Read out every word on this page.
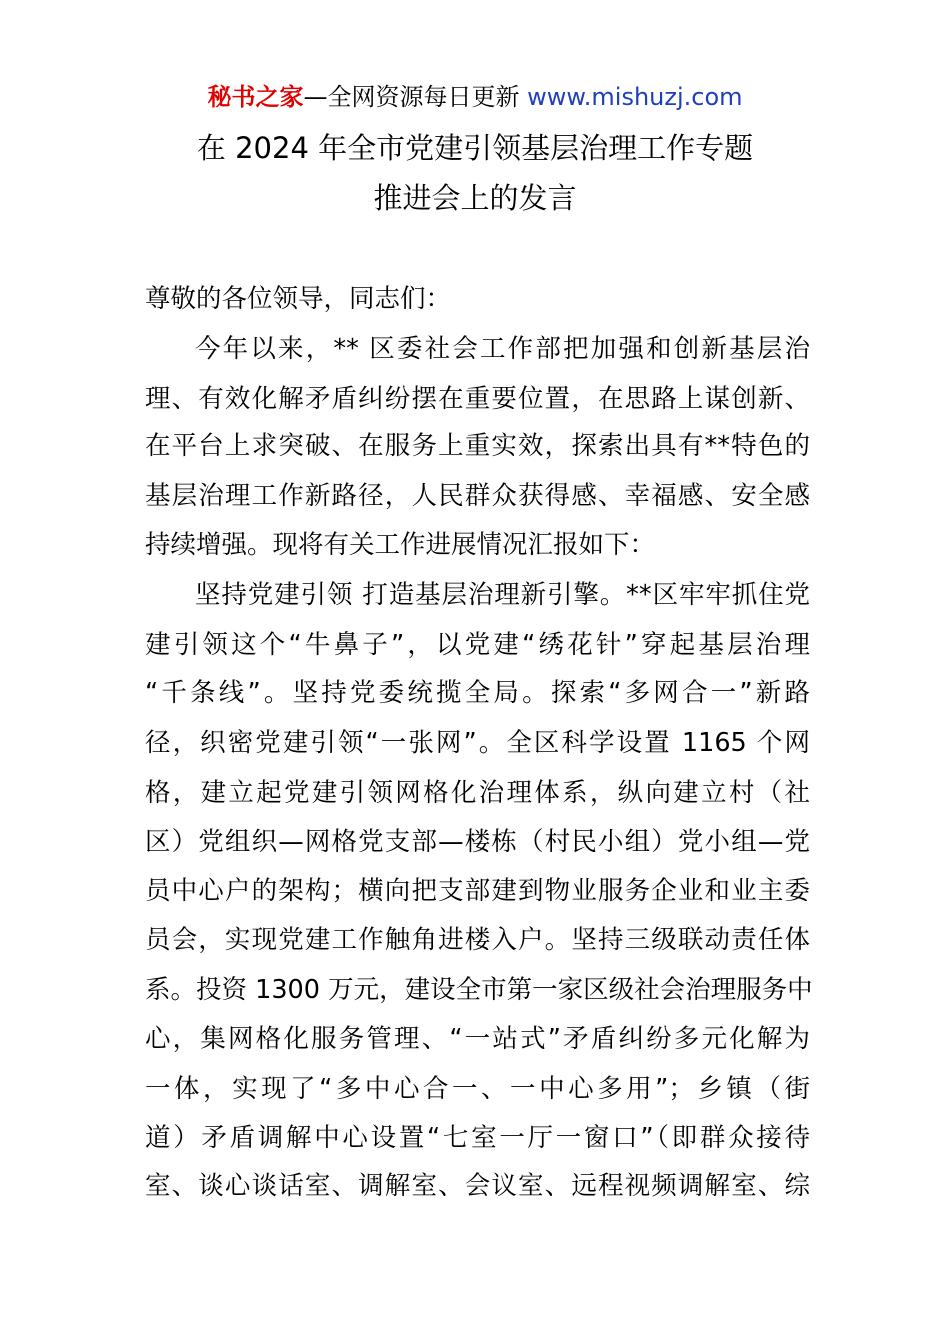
秘书之家—全网资源每日更新 www.mishuzj.com
在 2024 年全市党建引领基层治理工作专题
推进会上的发言
尊敬的各位领导，同志们：
今年以来，** 区委社会工作部把加强和创新基层治
理、有效化解矛盾纠纷摆在重要位置，在思路上谋创新、
在平台上求突破、在服务上重实效，探索出具有**特色的
基层治理工作新路径，人民群众获得感、幸福感、安全感
持续增强。现将有关工作进展情况汇报如下：
坚持党建引领 打造基层治理新引擎。**区牢牢抓住党
建引领这个“牛鼻子”，以党建“绣花针”穿起基层治理
“千条线”。坚持党委统揽全局。探索“多网合一”新路
径，织密党建引领“一张网”。全区科学设置 1165 个网
格，建立起党建引领网格化治理体系，纵向建立村（社
区）党组织—网格党支部—楼栋（村民小组）党小组—党
员中心户的架构；横向把支部建到物业服务企业和业主委
员会，实现党建工作触角进楼入户。坚持三级联动责任体
系。投资 1300 万元，建设全市第一家区级社会治理服务中
心，集网格化服务管理、“一站式”矛盾纠纷多元化解为
一体，实现了“多中心合一、一中心多用”；乡镇（街
道）矛盾调解中心设置“七室一厅一窗口”（即群众接待
室、谈心谈话室、调解室、会议室、远程视频调解室、综
